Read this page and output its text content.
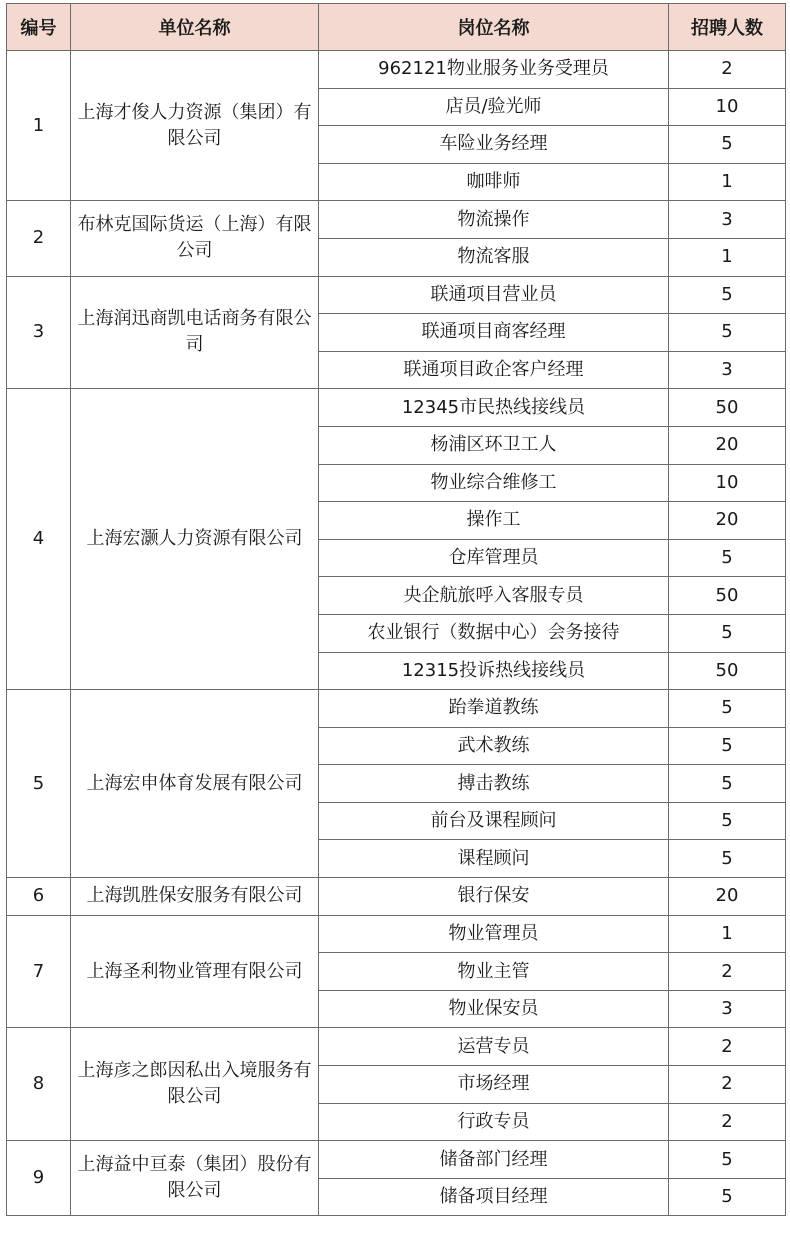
编号	单位名称	岗位名称	招聘人数
1	上海才俊人力资源（集团）有限公司	962121物业服务业务受理员	2
		店员/验光师	10
		车险业务经理	5
		咖啡师	1
2	布林克国际货运（上海）有限公司	物流操作	3
		物流客服	1
3	上海润迅商凯电话商务有限公司	联通项目营业员	5
		联通项目商客经理	5
		联通项目政企客户经理	3
4	上海宏灏人力资源有限公司	12345市民热线接线员	50
		杨浦区环卫工人	20
		物业综合维修工	10
		操作工	20
		仓库管理员	5
		央企航旅呼入客服专员	50
		农业银行（数据中心）会务接待	5
		12315投诉热线接线员	50
5	上海宏申体育发展有限公司	跆拳道教练	5
		武术教练	5
		搏击教练	5
		前台及课程顾问	5
		课程顾问	5
6	上海凯胜保安服务有限公司	银行保安	20
7	上海圣利物业管理有限公司	物业管理员	1
		物业主管	2
		物业保安员	3
8	上海彦之郎因私出入境服务有限公司	运营专员	2
		市场经理	2
		行政专员	2
9	上海益中亘泰（集团）股份有限公司	储备部门经理	5
		储备项目经理	5
